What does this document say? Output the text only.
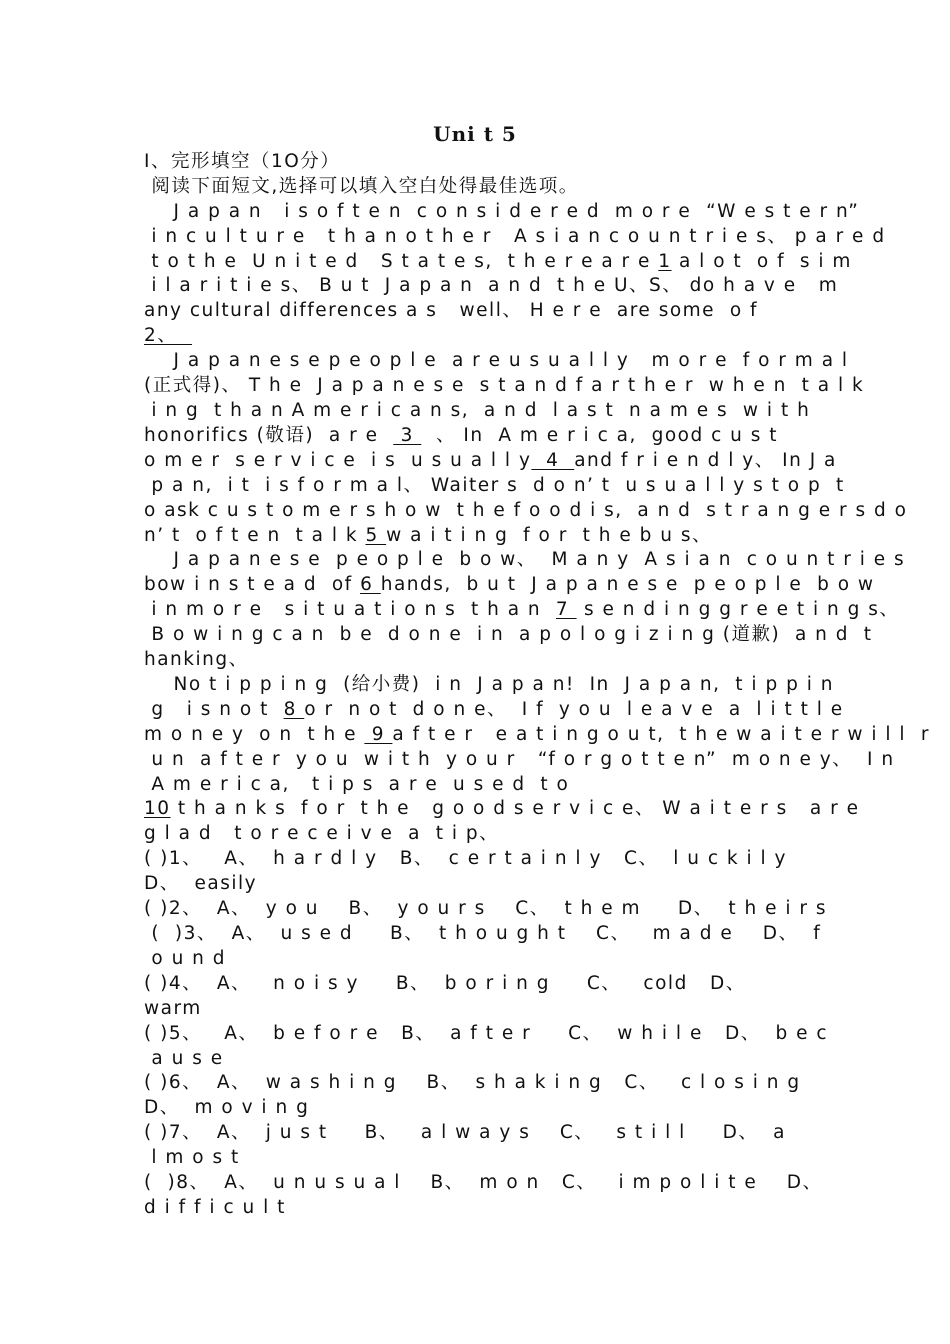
Uni t 5
Ⅰ、完形填空（1O分）
阅读下面短文,选择可以填入空白处得最佳选项。
J a p a n   i s o f t e n  c o n s i d e r e d  m o r e  “W e s t e r n”
i n c u l t u r e   t h a n o t h e r   A s i a n c o u n t r i e s、 p a r e d
t o t h e  U n i t e d   S t a t e s,  t h e r e a r e 1 a l o t  o f  s i m
i l a r i t i e s、 B u t  J a p a n  a n d  t h e U、S、 do h a v e   m
any cultural differences a s   well、 H e r e  are some  o f
2、
J a p a n e s e p e o p l e  a r e u s u a l l y   m o r e  f o r m a l
(正式得)、 T h e  J a p a n e s e  s t a n d f a r t h e r  w h e n  t a l k
i n g  t h a n A m e r i c a n s,  a n d  l a s t  n a m e s  w i t h
honorifics (敬语)  a r e   3   、 In  A m e r i c a,  good c u s t
o m e r  s e r v i c e  i s  u s u a l l y  4  and f r i e n d l y、 In J a
p a n,  i t  i s f o r m a l、 Waiter s  d o n’ t  u s u a l l y s t o p  t
o ask c u s t o m e r s h o w  t h e f o o d i s,  a n d  s t r a n g e r s d o
n’ t  o f t e n  t a l k 5 w a i t i n g  f o r  t h e b u s、
J a p a n e s e  p e o p l e  b o w、  M a n y  A s i a n  c o u n t r i e s
bow i n s t e a d  of 6 hands,  b u t  J a p a n e s e  p e o p l e  b o w
i n m o r e   s i t u a t i o n s  t h a n  7  s e n d i n g g r e e t i n g s、
B o w i n g c a n  b e  d o n e  i n  a p o l o g i z i n g (道歉)  a n d  t
hanking、
No t i p p i n g  (给小费)  i n  J a p a n!  In  J a p a n,  t i p p i n
g   i s n o t  8 o r  n o t  d o n e、  I f  y o u  l e a v e  a  l i t t l e
m o n e y  o n  t h e  9 a f t e r   e a t i n g o u t,  t h e w a i t e r w i l l  r
u n  a f t e r  y o u  w i t h  y o u r   “f o r g o t t e n”  m o n e y、  I n
A m e r i c a,   t i p s  a r e  u s e d  t o
10 t h a n k s  f o r  t h e   g o o d s e r v i c e、 W a i t e r s   a r e
g l a d   t o r e c e i v e  a  t i p、
( )1、   A、  h a r d l y   B、  c e r t a i n l y   C、  l u c k i l y
D、  easily
( )2、  A、  y o u    B、  y o u r s    C、  t h e m     D、  t h e i r s
(  )3、  A、  u s e d     B、  t h o u g h t    C、   m a d e    D、  f
o u n d
( )4、  A、   n o i s y     B、  b o r i n g     C、   cold   D、
warm
( )5、   A、  b e f o r e   B、  a f t e r     C、  w h i l e   D、  b e c
a u s e
( )6、  A、  w a s h i n g    B、  s h a k i n g   C、   c l o s i n g
D、  m o v i n g
( )7、  A、  j u s t     B、   a l w a y s    C、   s t i l l     D、  a
l m o s t
(  )8、  A、  u n u s u a l    B、  m o n   C、   i m p o l i t e    D、
d i f f i c u l t
